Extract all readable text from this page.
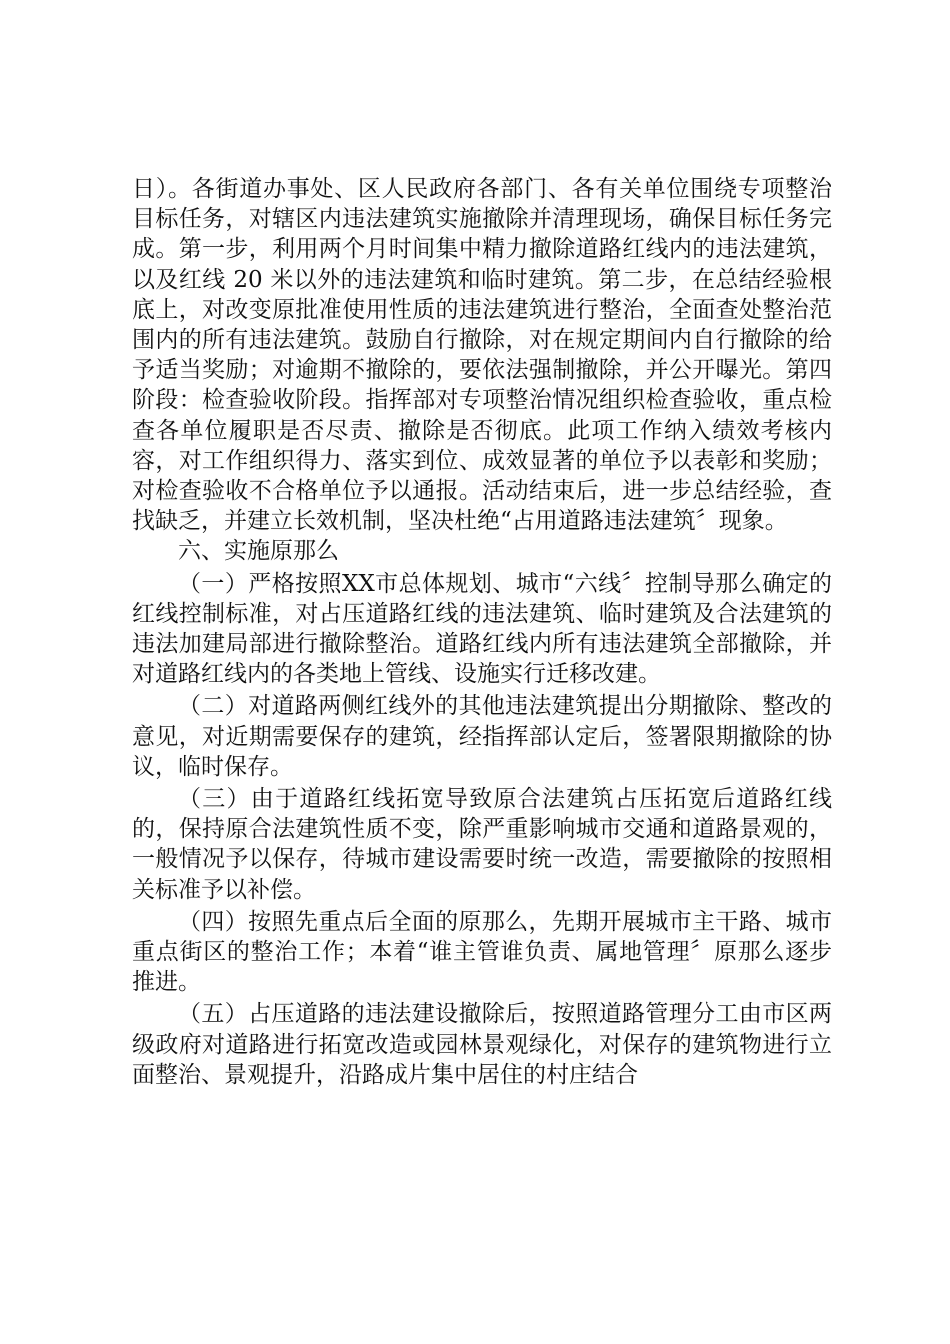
日）。各街道办事处、区人民政府各部门、各有关单位围绕专项整治目标任务，对辖区内违法建筑实施撤除并清理现场，确保目标任务完成。第一步，利用两个月时间集中精力撤除道路红线内的违法建筑，以及红线 20 米以外的违法建筑和临时建筑。第二步，在总结经验根底上，对改变原批准使用性质的违法建筑进行整治，全面查处整治范围内的所有违法建筑。鼓励自行撤除，对在规定期间内自行撤除的给予适当奖励；对逾期不撤除的，要依法强制撤除，并公开曝光。第四阶段：检查验收阶段。指挥部对专项整治情况组织检查验收，重点检查各单位履职是否尽责、撤除是否彻底。此项工作纳入绩效考核内容，对工作组织得力、落实到位、成效显著的单位予以表彰和奖励；对检查验收不合格单位予以通报。活动结束后，进一步总结经验，查找缺乏，并建立长效机制，坚决杜绝“占用道路违法建筑〞现象。

六、实施原那么

（一）严格按照XX市总体规划、城市“六线〞控制导那么确定的红线控制标准，对占压道路红线的违法建筑、临时建筑及合法建筑的违法加建局部进行撤除整治。道路红线内所有违法建筑全部撤除，并对道路红线内的各类地上管线、设施实行迁移改建。

（二）对道路两侧红线外的其他违法建筑提出分期撤除、整改的意见，对近期需要保存的建筑，经指挥部认定后，签署限期撤除的协议，临时保存。

（三）由于道路红线拓宽导致原合法建筑占压拓宽后道路红线的，保持原合法建筑性质不变，除严重影响城市交通和道路景观的，一般情况予以保存，待城市建设需要时统一改造，需要撤除的按照相关标准予以补偿。

（四）按照先重点后全面的原那么，先期开展城市主干路、城市重点街区的整治工作；本着“谁主管谁负责、属地管理〞原那么逐步推进。

（五）占压道路的违法建设撤除后，按照道路管理分工由市区两级政府对道路进行拓宽改造或园林景观绿化，对保存的建筑物进行立面整治、景观提升，沿路成片集中居住的村庄结合
